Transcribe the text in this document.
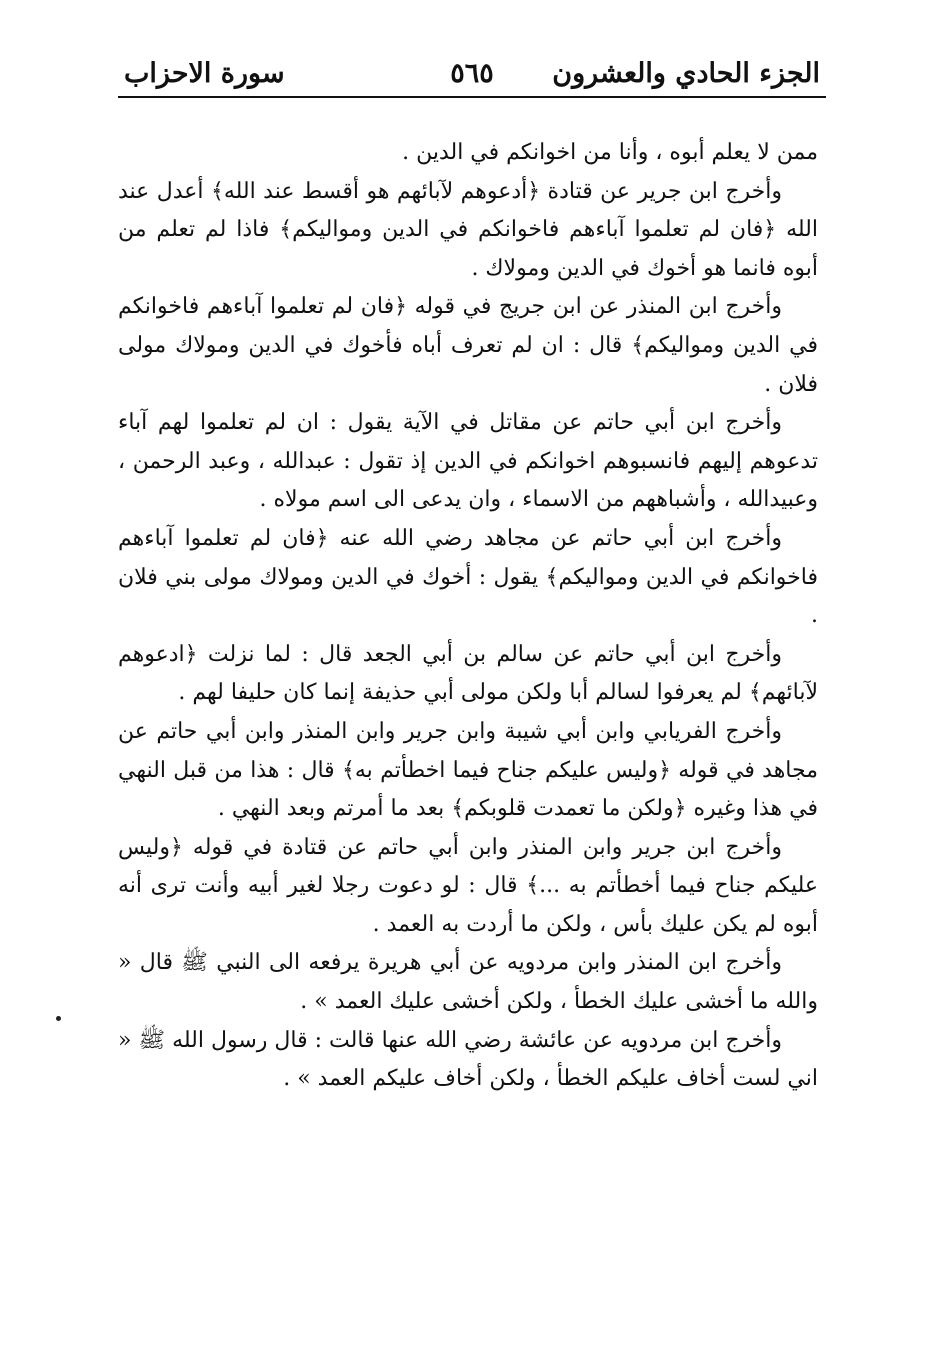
الجزء الحادي والعشرون
٥٦٥
سورة الاحزاب

ممن لا يعلم أبوه ، وأنا من اخوانكم في الدين .

وأخرج ابن جرير عن قتادة ﴿أدعوهم لآبائهم هو أقسط عند الله﴾ أعدل عند الله ﴿فان لم تعلموا آباءهم فاخوانكم في الدين ومواليكم﴾ فاذا لم تعلم من أبوه فانما هو أخوك في الدين ومولاك .

وأخرج ابن المنذر عن ابن جريج في قوله ﴿فان لم تعلموا آباءهم فاخوانكم في الدين ومواليكم﴾ قال : ان لم تعرف أباه فأخوك في الدين ومولاك مولى فلان .

وأخرج ابن أبي حاتم عن مقاتل في الآية يقول : ان لم تعلموا لهم آباء تدعوهم إليهم فانسبوهم اخوانكم في الدين إذ تقول : عبدالله ، وعبد الرحمن ، وعبيدالله ، وأشباههم من الاسماء ، وان يدعى الى اسم مولاه .

وأخرج ابن أبي حاتم عن مجاهد رضي الله عنه ﴿فان لم تعلموا آباءهم فاخوانكم في الدين ومواليكم﴾ يقول : أخوك في الدين ومولاك مولى بني فلان .

وأخرج ابن أبي حاتم عن سالم بن أبي الجعد قال : لما نزلت ﴿ادعوهم لآبائهم﴾ لم يعرفوا لسالم أبا ولكن مولى أبي حذيفة إنما كان حليفا لهم .

وأخرج الفريابي وابن أبي شيبة وابن جرير وابن المنذر وابن أبي حاتم عن مجاهد في قوله ﴿وليس عليكم جناح فيما اخطأتم به﴾ قال : هذا من قبل النهي في هذا وغيره ﴿ولكن ما تعمدت قلوبكم﴾ بعد ما أمرتم وبعد النهي .

وأخرج ابن جرير وابن المنذر وابن أبي حاتم عن قتادة في قوله ﴿وليس عليكم جناح فيما أخطأتم به ...﴾ قال : لو دعوت رجلا لغير أبيه وأنت ترى أنه أبوه لم يكن عليك بأس ، ولكن ما أردت به العمد .

وأخرج ابن المنذر وابن مردويه عن أبي هريرة يرفعه الى النبي ﷺ قال « والله ما أخشى عليك الخطأ ، ولكن أخشى عليك العمد » .

وأخرج ابن مردويه عن عائشة رضي الله عنها قالت : قال رسول الله ﷺ « اني لست أخاف عليكم الخطأ ، ولكن أخاف عليكم العمد » .
